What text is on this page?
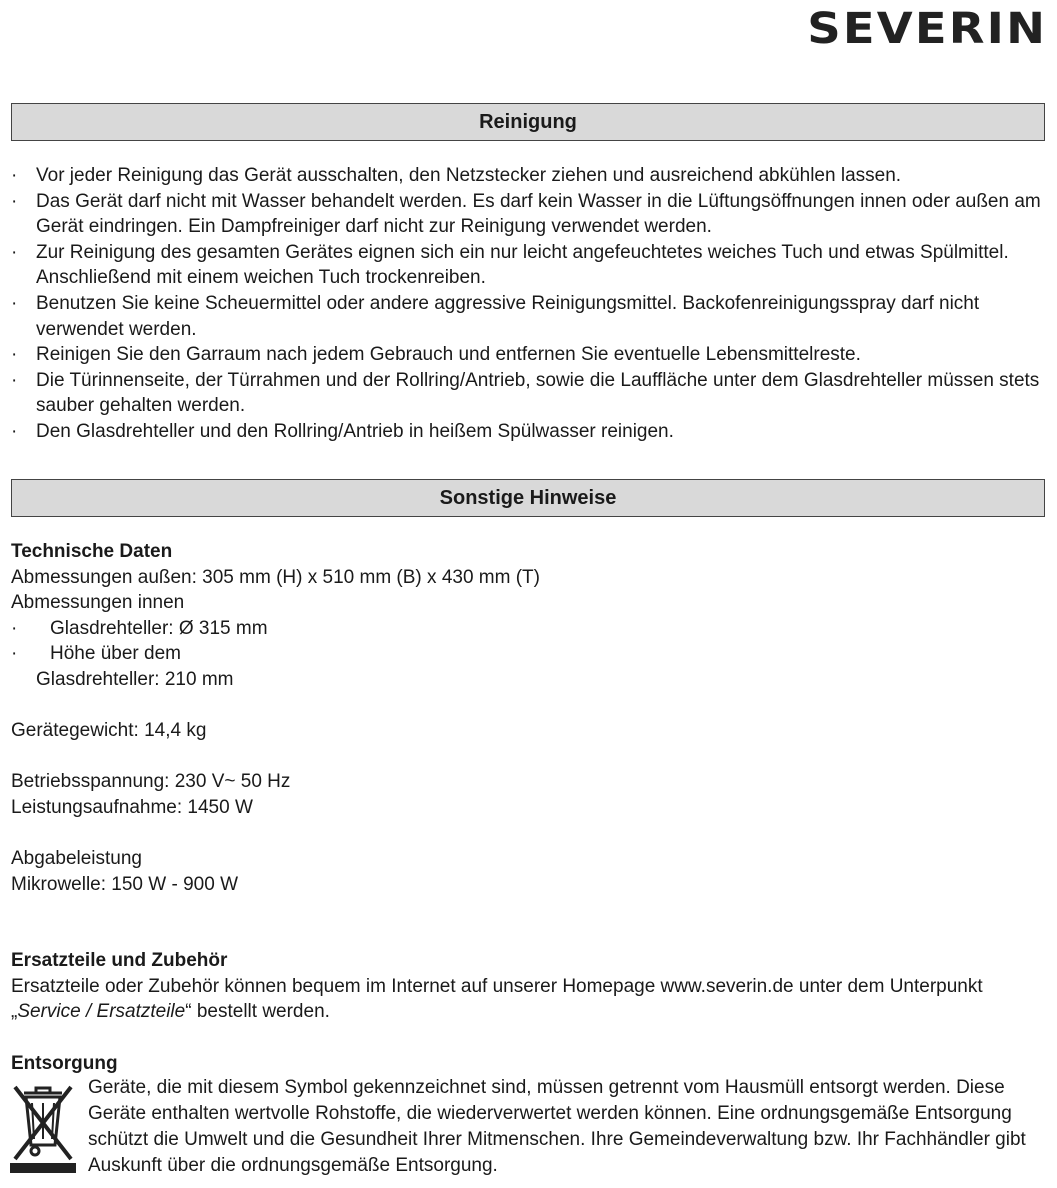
SEVERIN
Reinigung
· Vor jeder Reinigung das Gerät ausschalten, den Netzstecker ziehen und ausreichend abkühlen lassen.
· Das Gerät darf nicht mit Wasser behandelt werden. Es darf kein Wasser in die Lüftungsöffnungen innen oder außen am Gerät eindringen. Ein Dampfreiniger darf nicht zur Reinigung verwendet werden.
· Zur Reinigung des gesamten Gerätes eignen sich ein nur leicht angefeuchtetes weiches Tuch und etwas Spülmittel. Anschließend mit einem weichen Tuch trockenreiben.
· Benutzen Sie keine Scheuermittel oder andere aggressive Reinigungsmittel. Backofenreinigungsspray darf nicht verwendet werden.
· Reinigen Sie den Garraum nach jedem Gebrauch und entfernen Sie eventuelle Lebensmittelreste.
· Die Türinnenseite, der Türrahmen und der Rollring/Antrieb, sowie die Lauffläche unter dem Glasdrehteller müssen stets sauber gehalten werden.
· Den Glasdrehteller und den Rollring/Antrieb in heißem Spülwasser reinigen.
Sonstige Hinweise
Technische Daten
Abmessungen außen: 305 mm (H) x 510 mm (B) x 430 mm (T)
Abmessungen innen
· Glasdrehteller: Ø 315 mm
· Höhe über dem
Glasdrehteller: 210 mm
Gerätegewicht: 14,4 kg
Betriebsspannung: 230 V~ 50 Hz
Leistungsaufnahme: 1450 W
Abgabeleistung
Mikrowelle: 150 W - 900 W
Ersatzteile und Zubehör
Ersatzteile oder Zubehör können bequem im Internet auf unserer Homepage www.severin.de unter dem Unterpunkt „Service / Ersatzteile“ bestellt werden.
Entsorgung
Geräte, die mit diesem Symbol gekennzeichnet sind, müssen getrennt vom Hausmüll entsorgt werden. Diese Geräte enthalten wertvolle Rohstoffe, die wiederverwertet werden können. Eine ordnungsgemäße Entsorgung schützt die Umwelt und die Gesundheit Ihrer Mitmenschen. Ihre Gemeindeverwaltung bzw. Ihr Fachhändler gibt Auskunft über die ordnungsgemäße Entsorgung.
